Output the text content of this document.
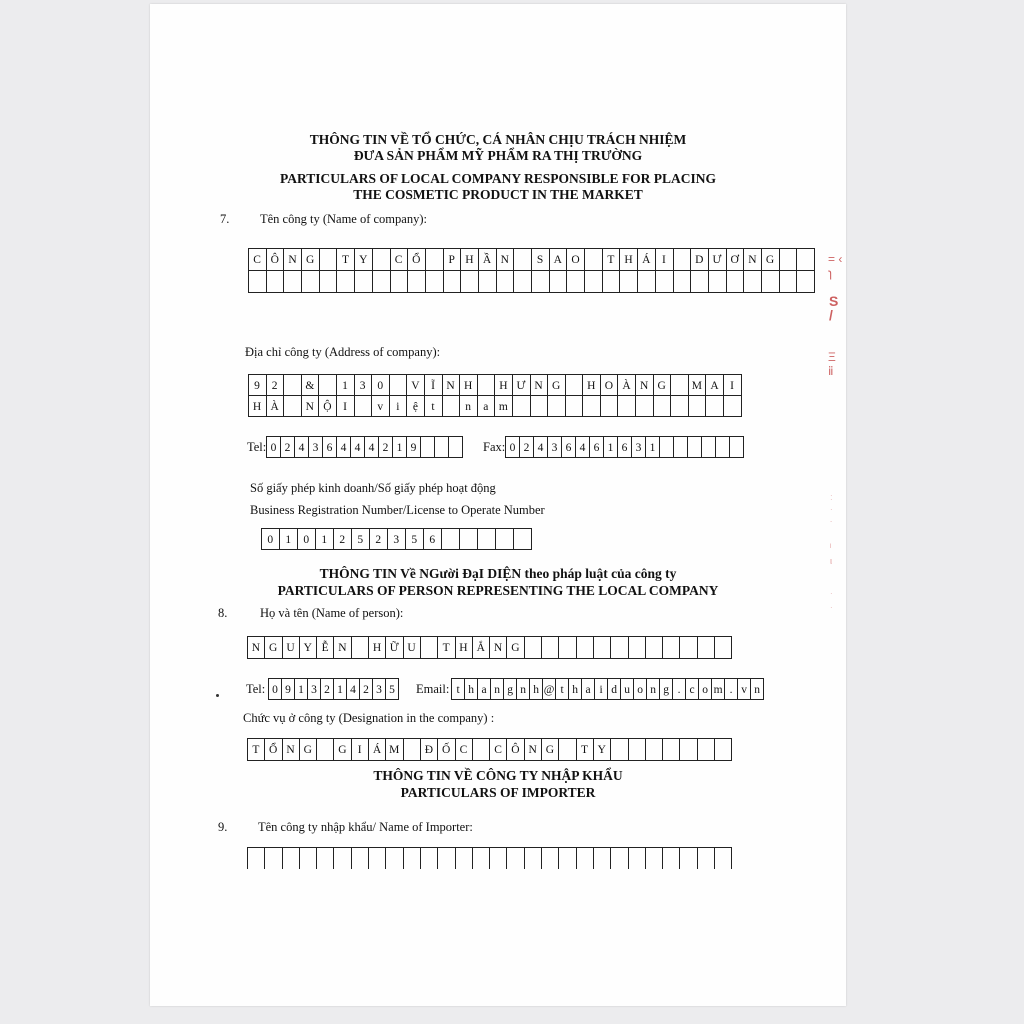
THÔNG TIN VỀ TỔ CHỨC, CÁ NHÂN CHỊU TRÁCH NHIỆM
ĐƯA SẢN PHẨM MỸ PHẨM RA THỊ TRƯỜNG
PARTICULARS OF LOCAL COMPANY RESPONSIBLE FOR PLACING
THE COSMETIC PRODUCT IN THE MARKET
7. Tên công ty (Name of company):
C Ô N G	T Y	C Ổ	P H Ầ N	S A O	T H Á I	D Ư Ơ N G
Địa chỉ công ty (Address of company):
9 2	&	1 3 0	V Ĩ N H	H Ư N G	H O À N G	M A I
H À	N Ộ I	v	i	ệ	t	n	a m
Tel: 0 2 4 3 6 4 4 4 2 1 9	Fax: 0 2 4 3 6 4 6 1 6 3 1
Số giấy phép kinh doanh/Số giấy phép hoạt động
Business Registration Number/License to Operate Number
0	1	0	1	2	5	2	3	5	6
THÔNG TIN Về NGười ĐạI DIỆN theo pháp luật của công ty
PARTICULARS OF PERSON REPRESENTING THE LOCAL COMPANY
8.	Họ và tên (Name of person):
N G U Y Ễ N	H Ữ U	T H Ắ N G
Tel: 0 9 1 3 2 1 4 2 3 5	Email: t h a n g n h @ t h a i d u o n g . c o m . v n
Chức vụ ở công ty (Designation in the company) :
T Ổ N G	G I Á M	Đ Ố C	C Ô N G	T Y
THÔNG TIN VỀ CÔNG TY NHẬP KHẨU
PARTICULARS OF IMPORTER
9. Tên công ty nhập khẩu/ Name of Importer:
= ‹
ɿ
S
/
Ξ
ⅱ
ː
ˑ
˙
ˡ
ι
ˑ
ˑ
